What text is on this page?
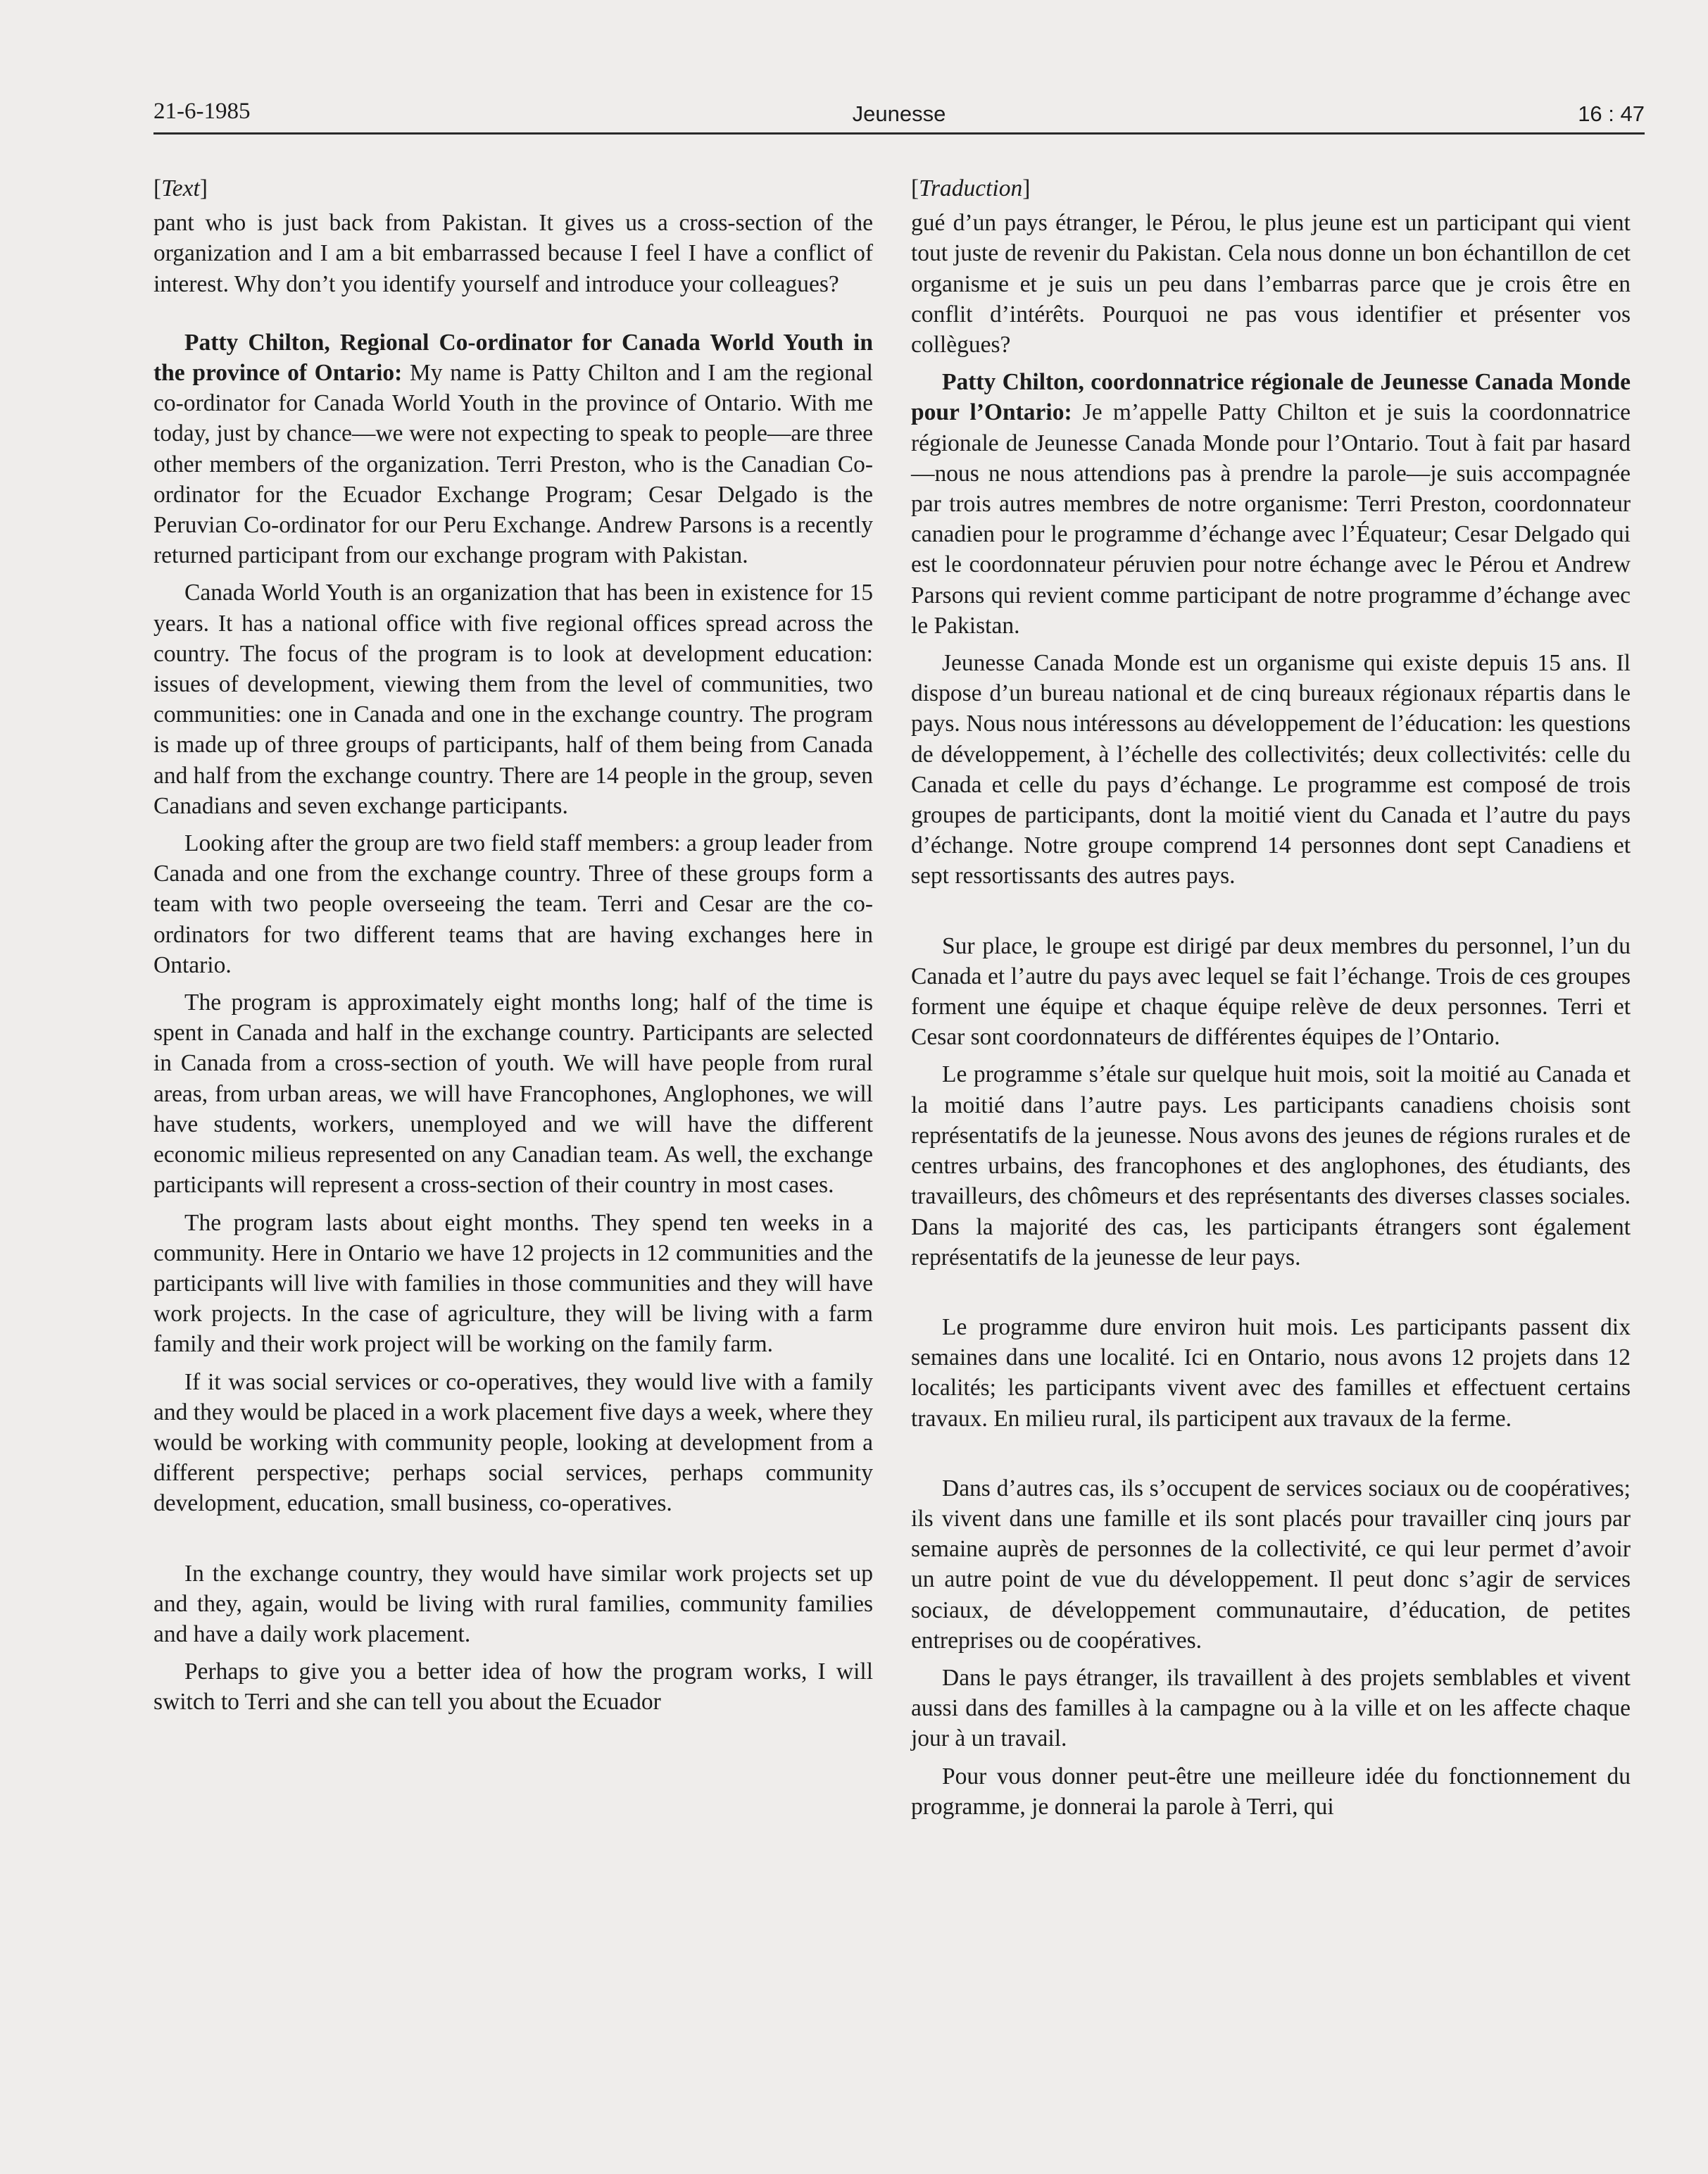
21-6-1985	Jeunesse	16 : 47

[Text]

pant who is just back from Pakistan. It gives us a cross-section of the organization and I am a bit embarrassed because I feel I have a conflict of interest. Why don’t you identify yourself and introduce your colleagues?

Patty Chilton, Regional Co-ordinator for Canada World Youth in the province of Ontario: My name is Patty Chilton and I am the regional co-ordinator for Canada World Youth in the province of Ontario. With me today, just by chance—we were not expecting to speak to people—are three other members of the organization. Terri Preston, who is the Canadian Co-ordinator for the Ecuador Exchange Program; Cesar Delgado is the Peruvian Co-ordinator for our Peru Exchange. Andrew Parsons is a recently returned participant from our exchange program with Pakistan.

Canada World Youth is an organization that has been in existence for 15 years. It has a national office with five regional offices spread across the country. The focus of the program is to look at development education: issues of development, viewing them from the level of communities, two communities: one in Canada and one in the exchange country. The program is made up of three groups of participants, half of them being from Canada and half from the exchange country. There are 14 people in the group, seven Canadians and seven exchange participants.

Looking after the group are two field staff members: a group leader from Canada and one from the exchange country. Three of these groups form a team with two people overseeing the team. Terri and Cesar are the co-ordinators for two different teams that are having exchanges here in Ontario.

The program is approximately eight months long; half of the time is spent in Canada and half in the exchange country. Participants are selected in Canada from a cross-section of youth. We will have people from rural areas, from urban areas, we will have Francophones, Anglophones, we will have students, workers, unemployed and we will have the different economic milieus represented on any Canadian team. As well, the exchange participants will represent a cross-section of their country in most cases.

The program lasts about eight months. They spend ten weeks in a community. Here in Ontario we have 12 projects in 12 communities and the participants will live with families in those communities and they will have work projects. In the case of agriculture, they will be living with a farm family and their work project will be working on the family farm.

If it was social services or co-operatives, they would live with a family and they would be placed in a work placement five days a week, where they would be working with community people, looking at development from a different perspective; perhaps social services, perhaps community development, education, small business, co-operatives.

In the exchange country, they would have similar work projects set up and they, again, would be living with rural families, community families and have a daily work placement.

Perhaps to give you a better idea of how the program works, I will switch to Terri and she can tell you about the Ecuador

[Traduction]

gué d’un pays étranger, le Pérou, le plus jeune est un participant qui vient tout juste de revenir du Pakistan. Cela nous donne un bon échantillon de cet organisme et je suis un peu dans l’embarras parce que je crois être en conflit d’intérêts. Pourquoi ne pas vous identifier et présenter vos collègues?

Patty Chilton, coordonnatrice régionale de Jeunesse Canada Monde pour l’Ontario: Je m’appelle Patty Chilton et je suis la coordonnatrice régionale de Jeunesse Canada Monde pour l’Ontario. Tout à fait par hasard—nous ne nous attendions pas à prendre la parole—je suis accompagnée par trois autres membres de notre organisme: Terri Preston, coordonnateur canadien pour le programme d’échange avec l’Équateur; Cesar Delgado qui est le coordonnateur péruvien pour notre échange avec le Pérou et Andrew Parsons qui revient comme participant de notre programme d’échange avec le Pakistan.

Jeunesse Canada Monde est un organisme qui existe depuis 15 ans. Il dispose d’un bureau national et de cinq bureaux régionaux répartis dans le pays. Nous nous intéressons au développement de l’éducation: les questions de développement, à l’échelle des collectivités; deux collectivités: celle du Canada et celle du pays d’échange. Le programme est composé de trois groupes de participants, dont la moitié vient du Canada et l’autre du pays d’échange. Notre groupe comprend 14 personnes dont sept Canadiens et sept ressortissants des autres pays.

Sur place, le groupe est dirigé par deux membres du personnel, l’un du Canada et l’autre du pays avec lequel se fait l’échange. Trois de ces groupes forment une équipe et chaque équipe relève de deux personnes. Terri et Cesar sont coordonnateurs de différentes équipes de l’Ontario.

Le programme s’étale sur quelque huit mois, soit la moitié au Canada et la moitié dans l’autre pays. Les participants canadiens choisis sont représentatifs de la jeunesse. Nous avons des jeunes de régions rurales et de centres urbains, des francophones et des anglophones, des étudiants, des travailleurs, des chômeurs et des représentants des diverses classes sociales. Dans la majorité des cas, les participants étrangers sont également représentatifs de la jeunesse de leur pays.

Le programme dure environ huit mois. Les participants passent dix semaines dans une localité. Ici en Ontario, nous avons 12 projets dans 12 localités; les participants vivent avec des familles et effectuent certains travaux. En milieu rural, ils participent aux travaux de la ferme.

Dans d’autres cas, ils s’occupent de services sociaux ou de coopératives; ils vivent dans une famille et ils sont placés pour travailler cinq jours par semaine auprès de personnes de la collectivité, ce qui leur permet d’avoir un autre point de vue du développement. Il peut donc s’agir de services sociaux, de développement communautaire, d’éducation, de petites entreprises ou de coopératives.

Dans le pays étranger, ils travaillent à des projets semblables et vivent aussi dans des familles à la campagne ou à la ville et on les affecte chaque jour à un travail.

Pour vous donner peut-être une meilleure idée du fonctionnement du programme, je donnerai la parole à Terri, qui
